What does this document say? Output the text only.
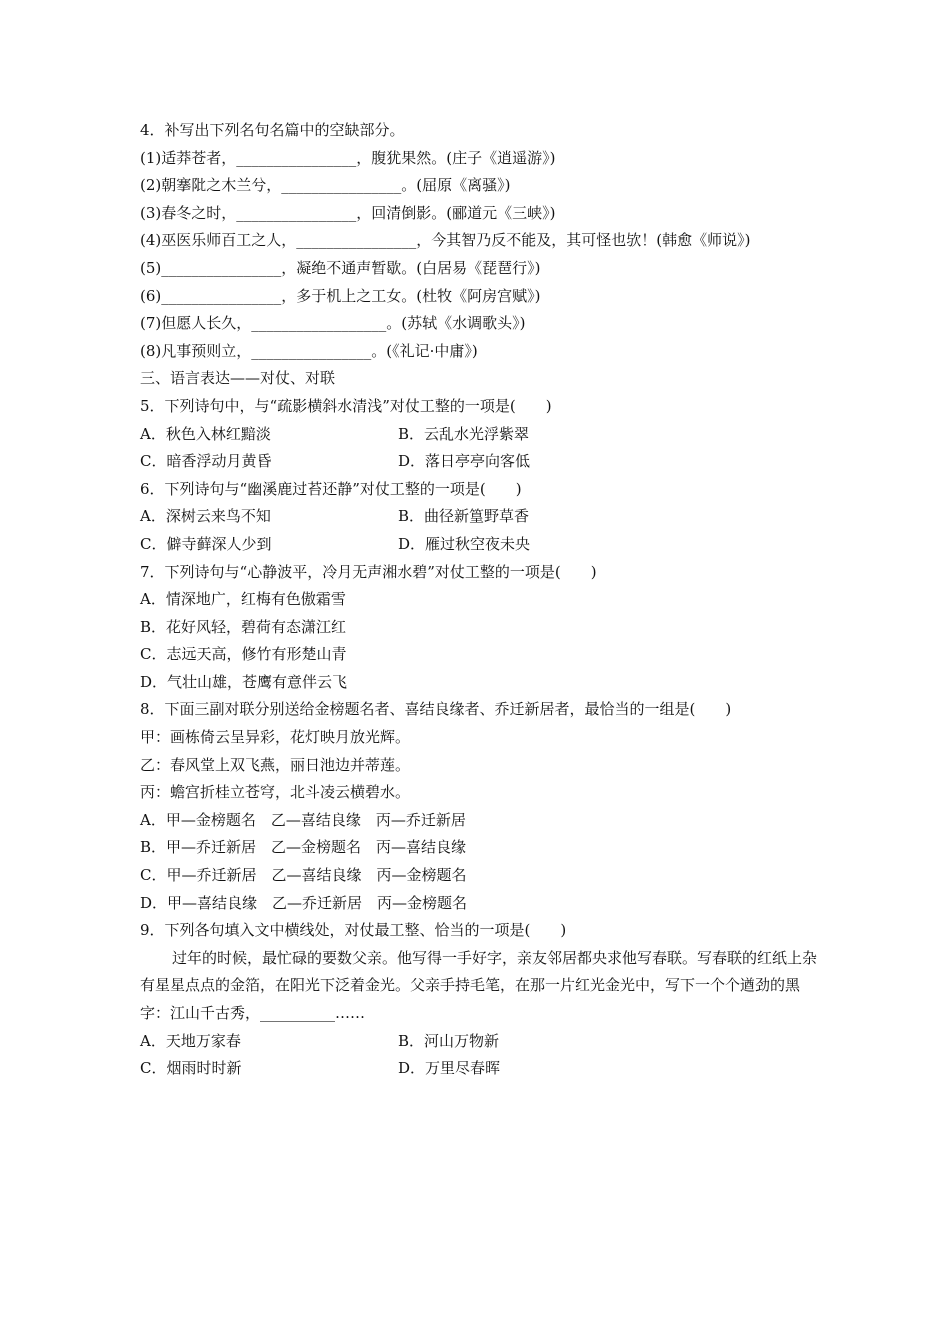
4．补写出下列名句名篇中的空缺部分。
(1)适莽苍者，________________，腹犹果然。(庄子《逍遥游》)
(2)朝搴阰之木兰兮，________________。(屈原《离骚》)
(3)春冬之时，________________，回清倒影。(郦道元《三峡》)
(4)巫医乐师百工之人，________________，今其智乃反不能及，其可怪也欤！(韩愈《师说》)
(5)________________，凝绝不通声暂歇。(白居易《琵琶行》)
(6)________________，多于机上之工女。(杜牧《阿房宫赋》)
(7)但愿人长久，__________________。(苏轼《水调歌头》)
(8)凡事预则立，________________。(《礼记·中庸》)
三、语言表达——对仗、对联
5．下列诗句中，与“疏影横斜水清浅”对仗工整的一项是(　　)
A．秋色入林红黯淡	B．云乱水光浮紫翠
C．暗香浮动月黄昏	D．落日亭亭向客低
6．下列诗句与“幽溪鹿过苔还静”对仗工整的一项是(　　)
A．深树云来鸟不知	B．曲径新篁野草香
C．僻寺藓深人少到	D．雁过秋空夜未央
7．下列诗句与“心静波平，冷月无声湘水碧”对仗工整的一项是(　　)
A．情深地广，红梅有色傲霜雪
B．花好风轻，碧荷有态潇江红
C．志远天高，修竹有形楚山青
D．气壮山雄，苍鹰有意伴云飞
8．下面三副对联分别送给金榜题名者、喜结良缘者、乔迁新居者，最恰当的一组是(　　)
甲：画栋倚云呈异彩，花灯映月放光辉。
乙：春风堂上双飞燕，丽日池边并蒂莲。
丙：蟾宫折桂立苍穹，北斗凌云横碧水。
A．甲—金榜题名　乙—喜结良缘　丙—乔迁新居
B．甲—乔迁新居　乙—金榜题名　丙—喜结良缘
C．甲—乔迁新居　乙—喜结良缘　丙—金榜题名
D．甲—喜结良缘　乙—乔迁新居　丙—金榜题名
9．下列各句填入文中横线处，对仗最工整、恰当的一项是(　　)
过年的时候，最忙碌的要数父亲。他写得一手好字，亲友邻居都央求他写春联。写春联的红纸上杂有星星点点的金箔，在阳光下泛着金光。父亲手持毛笔，在那一片红光金光中，写下一个个遒劲的黑字：江山千古秀，__________……
A．天地万家春	B．河山万物新
C．烟雨时时新	D．万里尽春晖
